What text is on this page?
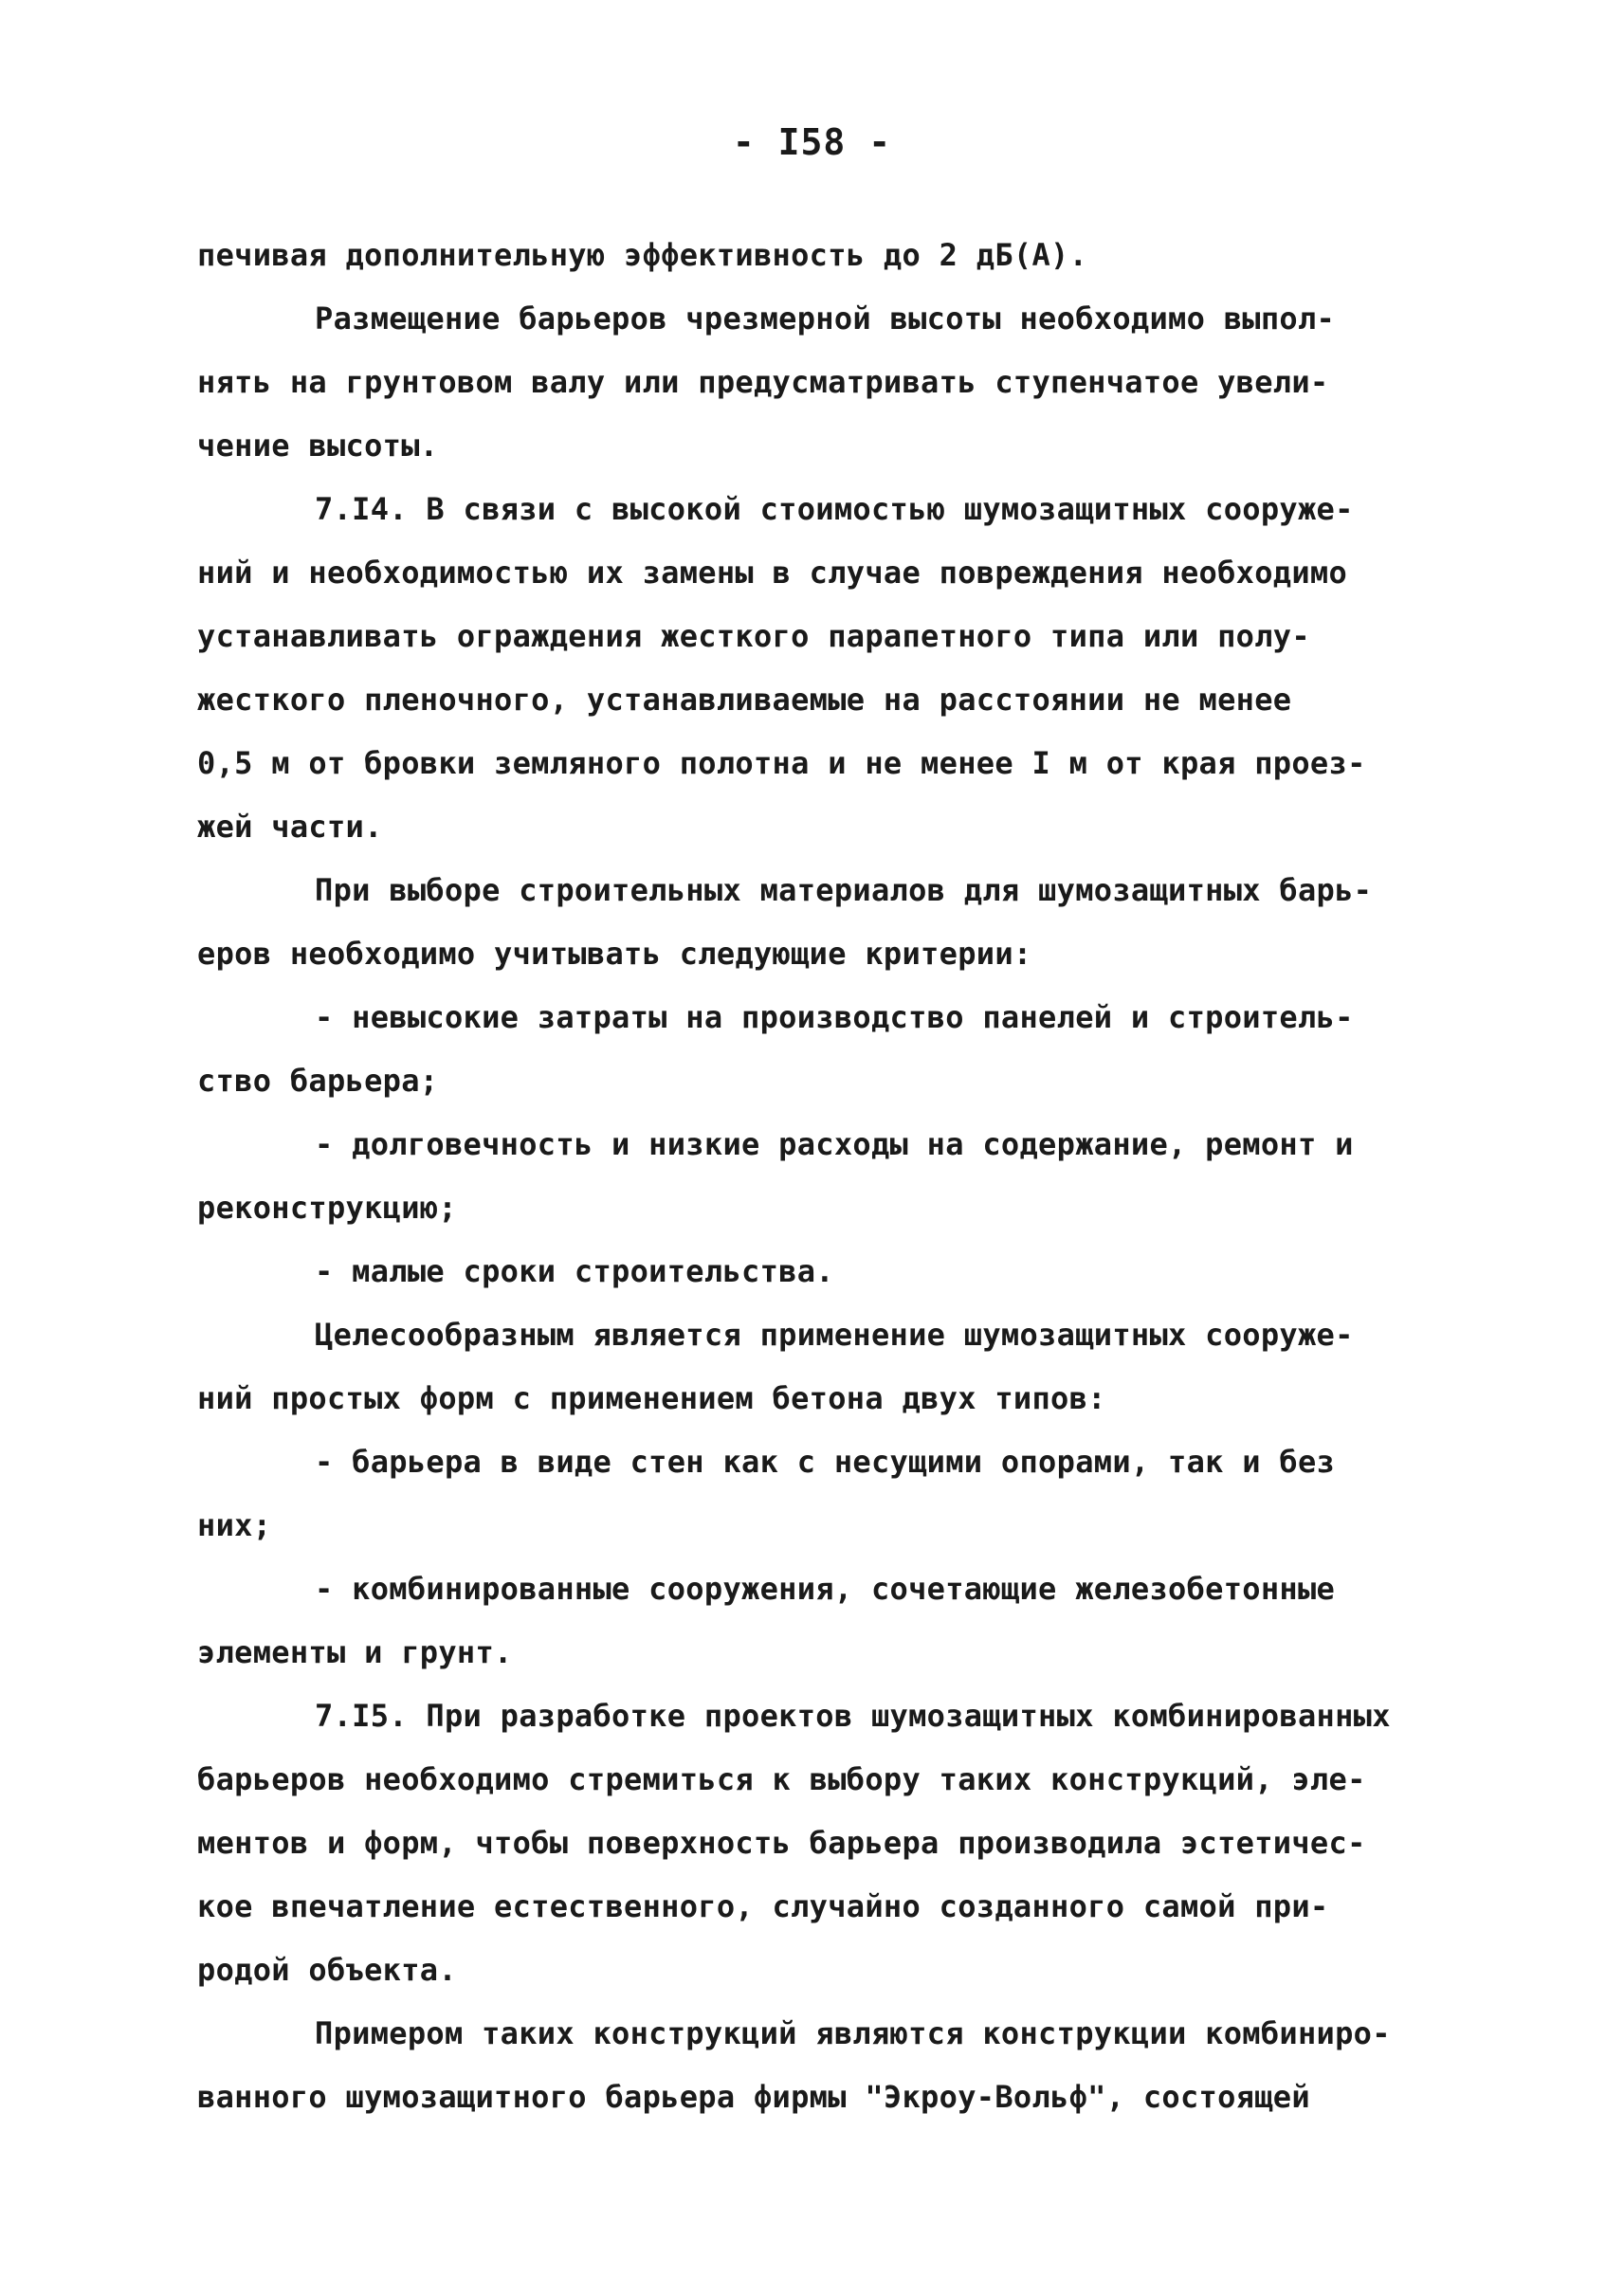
- I58 -
печивая дополнительную эффективность до 2 дБ(А).
Размещение барьеров чрезмерной высоты необходимо выпол-
нять на грунтовом валу или предусматривать ступенчатое увели-
чение высоты.
7.I4. В связи с высокой стоимостью шумозащитных сооруже-
ний и необходимостью их замены в случае повреждения необходимо
устанавливать ограждения жесткого парапетного типа или полу-
жесткого пленочного, устанавливаемые на расстоянии не менее
0,5 м от бровки земляного полотна и не менее I м от края проез-
жей части.
При выборе строительных материалов для шумозащитных барь-
еров необходимо учитывать следующие критерии:
- невысокие затраты на производство панелей и строитель-
ство барьера;
- долговечность и низкие расходы на содержание, ремонт и
реконструкцию;
- малые сроки строительства.
Целесообразным является применение шумозащитных сооруже-
ний простых форм с применением бетона двух типов:
- барьера в виде стен как с несущими опорами, так и без
них;
- комбинированные сооружения, сочетающие железобетонные
элементы и грунт.
7.I5. При разработке проектов шумозащитных комбинированных
барьеров необходимо стремиться к выбору таких конструкций, эле-
ментов и форм, чтобы поверхность барьера производила эстетичес-
кое впечатление естественного, случайно созданного самой при-
родой объекта.
Примером таких конструкций являются конструкции комбиниро-
ванного шумозащитного барьера фирмы "Экроу-Вольф", состоящей
